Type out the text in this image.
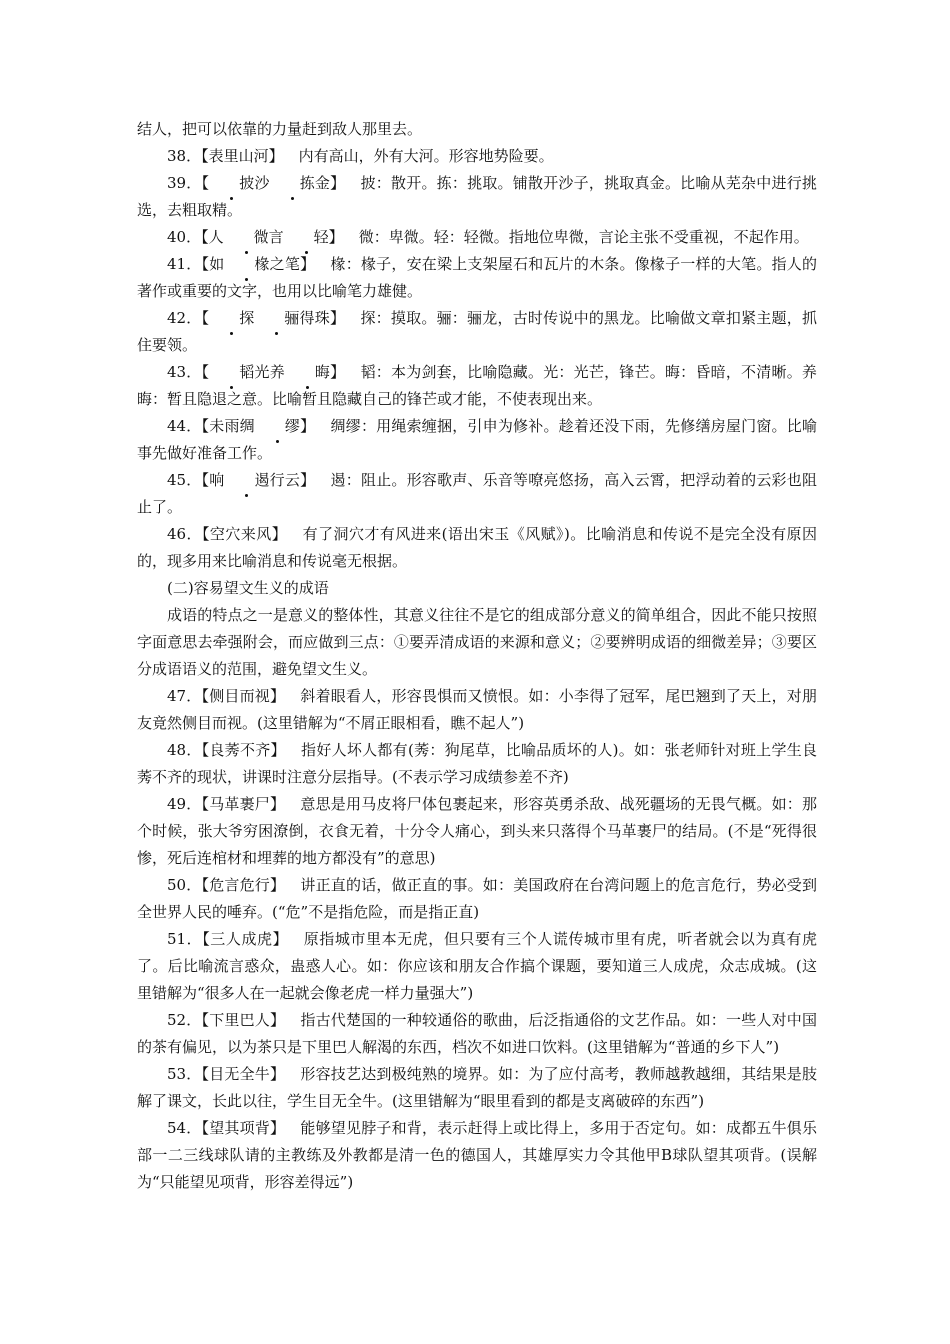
结人，把可以依靠的力量赶到敌人那里去。

38．【表里山河】  内有高山，外有大河。形容地势险要。

39．【 披沙 拣金】  披：散开。拣：挑取。铺散开沙子，挑取真金。比喻从芜杂中进行挑选，去粗取精。

40．【人 微言 轻】  微：卑微。轻：轻微。指地位卑微，言论主张不受重视，不起作用。

41．【如 椽之笔】  椽：椽子，安在梁上支架屋石和瓦片的木条。像椽子一样的大笔。指人的著作或重要的文字，也用以比喻笔力雄健。

42．【 探 骊得珠】  探：摸取。骊：骊龙，古时传说中的黑龙。比喻做文章扣紧主题，抓住要领。

43．【 韬光养 晦】  韬：本为剑套，比喻隐藏。光：光芒，锋芒。晦：昏暗，不清晰。养晦：暂且隐退之意。比喻暂且隐藏自己的锋芒或才能，不使表现出来。

44．【未雨绸 缪】  绸缪：用绳索缠捆，引申为修补。趁着还没下雨，先修缮房屋门窗。比喻事先做好准备工作。

45．【响 遏行云】  遏：阻止。形容歌声、乐音等嘹亮悠扬，高入云霄，把浮动着的云彩也阻止了。

46．【空穴来风】  有了洞穴才有风进来(语出宋玉《风赋》)。比喻消息和传说不是完全没有原因的，现多用来比喻消息和传说毫无根据。

(二)容易望文生义的成语

成语的特点之一是意义的整体性，其意义往往不是它的组成部分意义的简单组合，因此不能只按照字面意思去牵强附会，而应做到三点：①要弄清成语的来源和意义；②要辨明成语的细微差异；③要区分成语语义的范围，避免望文生义。

47．【侧目而视】  斜着眼看人，形容畏惧而又愤恨。如：小李得了冠军，尾巴翘到了天上，对朋友竟然侧目而视。(这里错解为“不屑正眼相看，瞧不起人”)

48．【良莠不齐】  指好人坏人都有(莠：狗尾草，比喻品质坏的人)。如：张老师针对班上学生良莠不齐的现状，讲课时注意分层指导。(不表示学习成绩参差不齐)

49．【马革裹尸】  意思是用马皮将尸体包裹起来，形容英勇杀敌、战死疆场的无畏气概。如：那个时候，张大爷穷困潦倒，衣食无着，十分令人痛心，到头来只落得个马革裹尸的结局。(不是“死得很惨，死后连棺材和埋葬的地方都没有”的意思)

50．【危言危行】  讲正直的话，做正直的事。如：美国政府在台湾问题上的危言危行，势必受到全世界人民的唾弃。(“危”不是指危险，而是指正直)

51．【三人成虎】  原指城市里本无虎，但只要有三个人谎传城市里有虎，听者就会以为真有虎了。后比喻流言惑众，蛊惑人心。如：你应该和朋友合作搞个课题，要知道三人成虎，众志成城。(这里错解为“很多人在一起就会像老虎一样力量强大”)

52．【下里巴人】  指古代楚国的一种较通俗的歌曲，后泛指通俗的文艺作品。如：一些人对中国的茶有偏见，以为茶只是下里巴人解渴的东西，档次不如进口饮料。(这里错解为“普通的乡下人”)

53．【目无全牛】  形容技艺达到极纯熟的境界。如：为了应付高考，教师越教越细，其结果是肢解了课文，长此以往，学生目无全牛。(这里错解为“眼里看到的都是支离破碎的东西”)

54．【望其项背】  能够望见脖子和背，表示赶得上或比得上，多用于否定句。如：成都五牛俱乐部一二三线球队请的主教练及外教都是清一色的德国人，其雄厚实力令其他甲B球队望其项背。(误解为“只能望见项背，形容差得远”)
